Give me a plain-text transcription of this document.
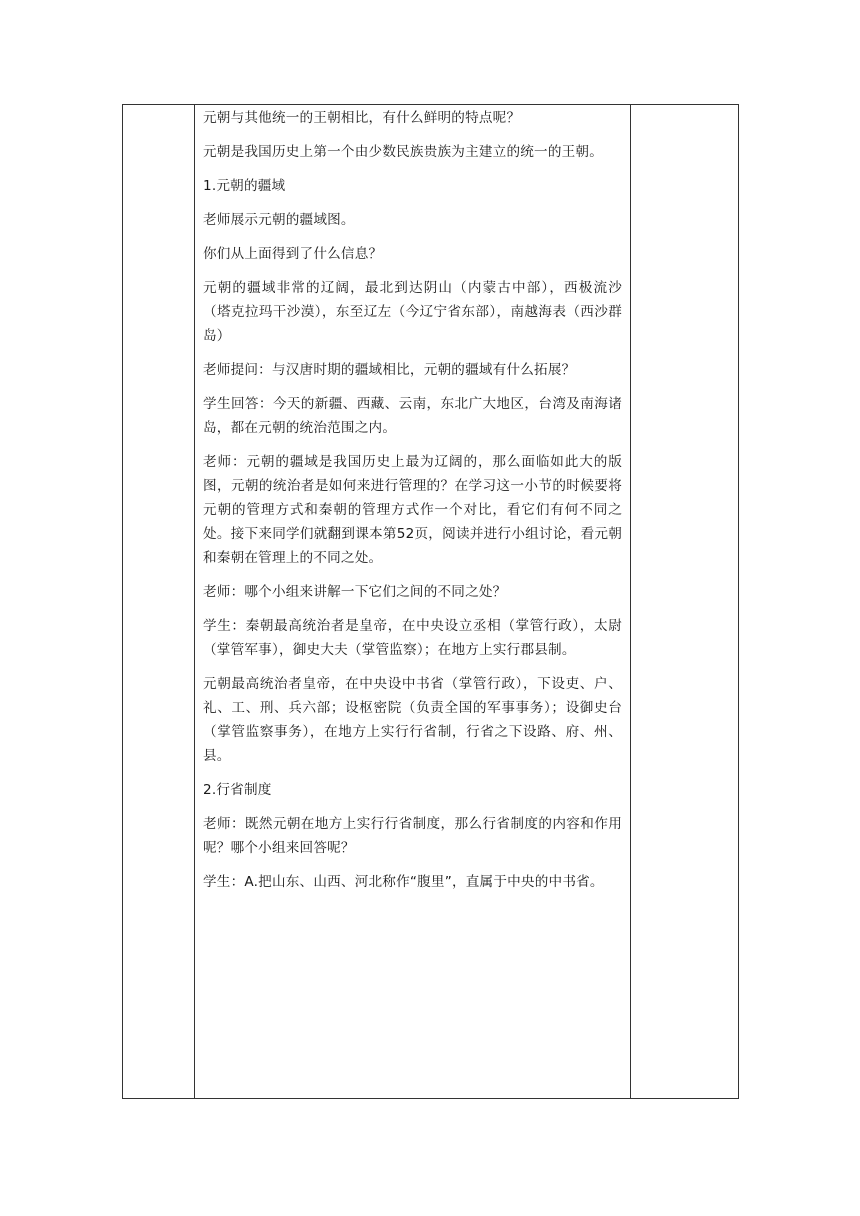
元朝与其他统一的王朝相比，有什么鲜明的特点呢？

元朝是我国历史上第一个由少数民族贵族为主建立的统一的王朝。

1.元朝的疆域

老师展示元朝的疆域图。

你们从上面得到了什么信息？

元朝的疆域非常的辽阔，最北到达阴山（内蒙古中部），西极流沙（塔克拉玛干沙漠），东至辽左（今辽宁省东部），南越海表（西沙群岛）

老师提问：与汉唐时期的疆域相比，元朝的疆域有什么拓展？

学生回答：今天的新疆、西藏、云南，东北广大地区，台湾及南海诸岛，都在元朝的统治范围之内。

老师：元朝的疆域是我国历史上最为辽阔的，那么面临如此大的版图，元朝的统治者是如何来进行管理的？在学习这一小节的时候要将元朝的管理方式和秦朝的管理方式作一个对比，看它们有何不同之处。接下来同学们就翻到课本第52页，阅读并进行小组讨论，看元朝和秦朝在管理上的不同之处。

老师：哪个小组来讲解一下它们之间的不同之处？

学生：秦朝最高统治者是皇帝，在中央设立丞相（掌管行政），太尉（掌管军事），御史大夫（掌管监察）；在地方上实行郡县制。

元朝最高统治者皇帝，在中央设中书省（掌管行政），下设吏、户、礼、工、刑、兵六部；设枢密院（负责全国的军事事务）；设御史台（掌管监察事务），在地方上实行行省制，行省之下设路、府、州、县。

2.行省制度

老师：既然元朝在地方上实行行省制度，那么行省制度的内容和作用呢？哪个小组来回答呢？

学生：A.把山东、山西、河北称作“腹里”，直属于中央的中书省。
